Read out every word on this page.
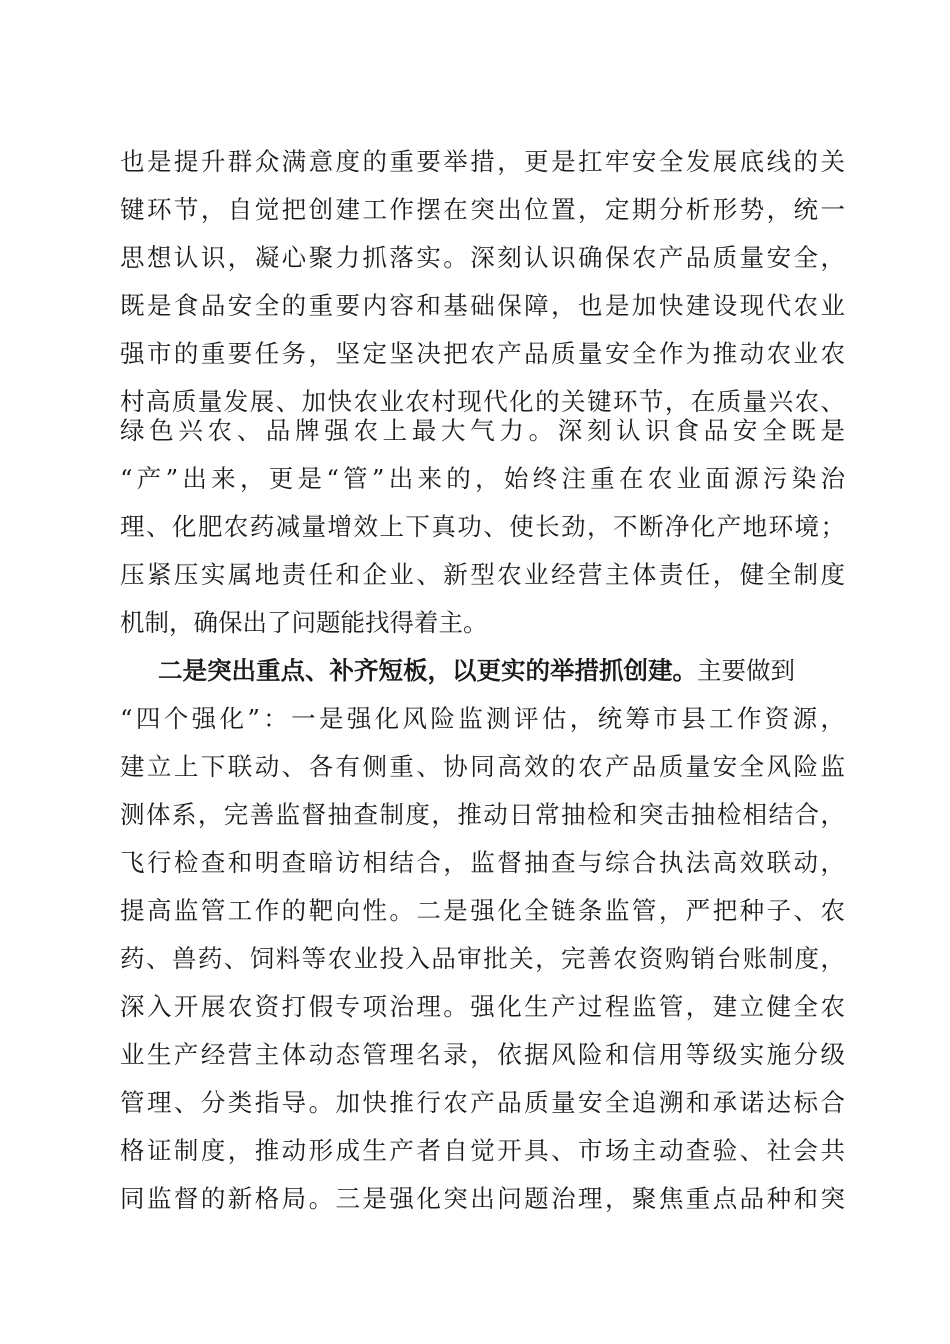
也是提升群众满意度的重要举措，更是扛牢安全发展底线的关
键环节，自觉把创建工作摆在突出位置，定期分析形势，统一
思想认识，凝心聚力抓落实。深刻认识确保农产品质量安全，
既是食品安全的重要内容和基础保障，也是加快建设现代农业
强市的重要任务，坚定坚决把农产品质量安全作为推动农业农
村高质量发展、加快农业农村现代化的关键环节，在质量兴农、
绿色兴农、品牌强农上最大气力。深刻认识食品安全既是
“产”出来，更是“管”出来的，始终注重在农业面源污染治
理、化肥农药减量增效上下真功、使长劲，不断净化产地环境；
压紧压实属地责任和企业、新型农业经营主体责任，健全制度
机制，确保出了问题能找得着主。
二是突出重点、补齐短板，以更实的举措抓创建。主要做到
“四个强化”：一是强化风险监测评估，统筹市县工作资源，
建立上下联动、各有侧重、协同高效的农产品质量安全风险监
测体系，完善监督抽查制度，推动日常抽检和突击抽检相结合，
飞行检查和明查暗访相结合，监督抽查与综合执法高效联动，
提高监管工作的靶向性。二是强化全链条监管，严把种子、农
药、兽药、饲料等农业投入品审批关，完善农资购销台账制度，
深入开展农资打假专项治理。强化生产过程监管，建立健全农
业生产经营主体动态管理名录，依据风险和信用等级实施分级
管理、分类指导。加快推行农产品质量安全追溯和承诺达标合
格证制度，推动形成生产者自觉开具、市场主动查验、社会共
同监督的新格局。三是强化突出问题治理，聚焦重点品种和突
